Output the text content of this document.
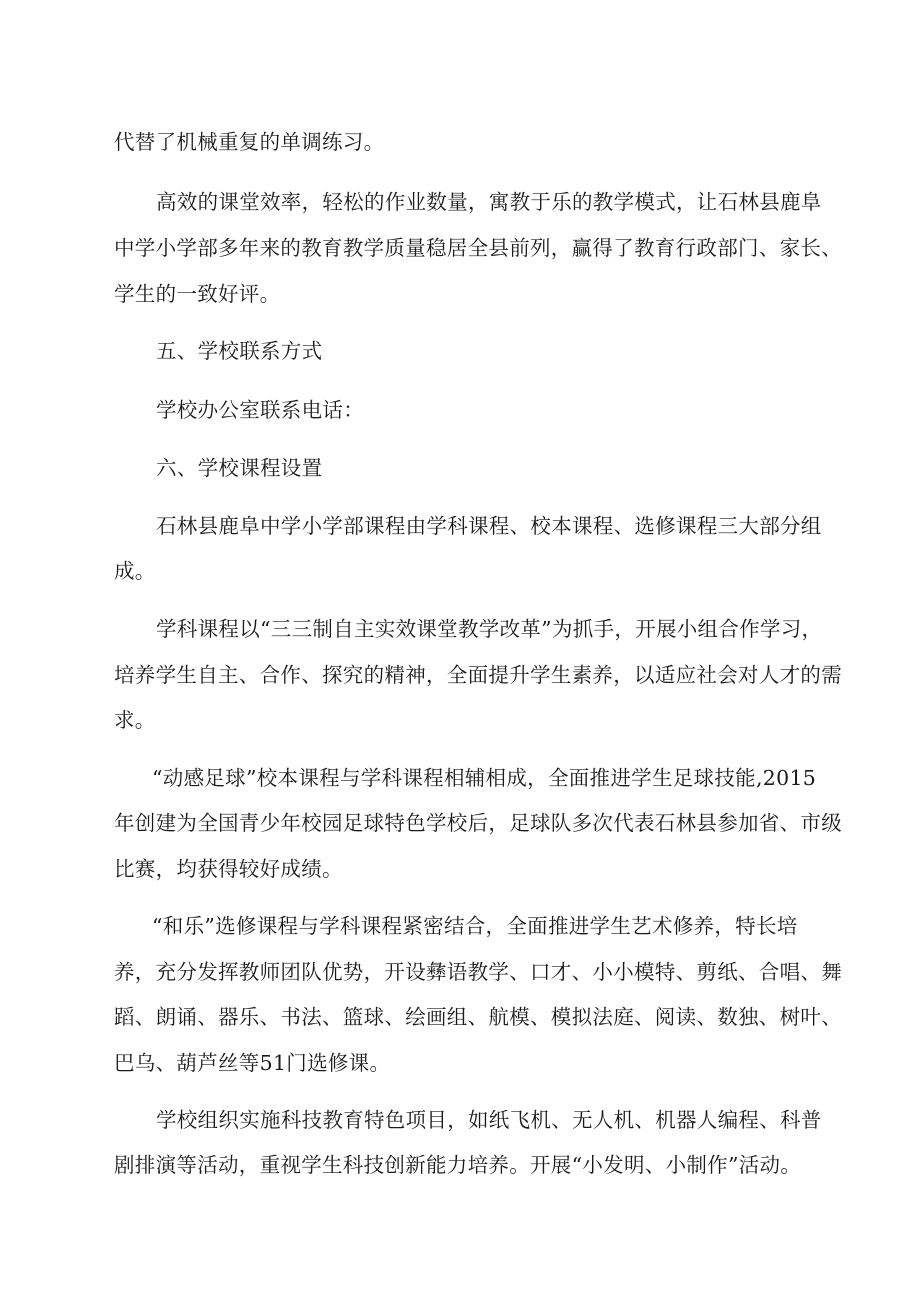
代替了机械重复的单调练习。

高效的课堂效率，轻松的作业数量，寓教于乐的教学模式，让石林县鹿阜

中学小学部多年来的教育教学质量稳居全县前列，赢得了教育行政部门、家长、

学生的一致好评。

五、学校联系方式

学校办公室联系电话：

六、学校课程设置

石林县鹿阜中学小学部课程由学科课程、校本课程、选修课程三大部分组

成。

学科课程以“三三制自主实效课堂教学改革”为抓手，开展小组合作学习，

培养学生自主、合作、探究的精神，全面提升学生素养，以适应社会对人才的需

求。

“动感足球”校本课程与学科课程相辅相成，全面推进学生足球技能,2015

年创建为全国青少年校园足球特色学校后，足球队多次代表石林县参加省、市级

比赛，均获得较好成绩。

“和乐”选修课程与学科课程紧密结合，全面推进学生艺术修养，特长培

养，充分发挥教师团队优势，开设彝语教学、口才、小小模特、剪纸、合唱、舞

蹈、朗诵、器乐、书法、篮球、绘画组、航模、模拟法庭、阅读、数独、树叶、

巴乌、葫芦丝等51门选修课。

学校组织实施科技教育特色项目，如纸飞机、无人机、机器人编程、科普

剧排演等活动，重视学生科技创新能力培养。开展“小发明、小制作”活动。
